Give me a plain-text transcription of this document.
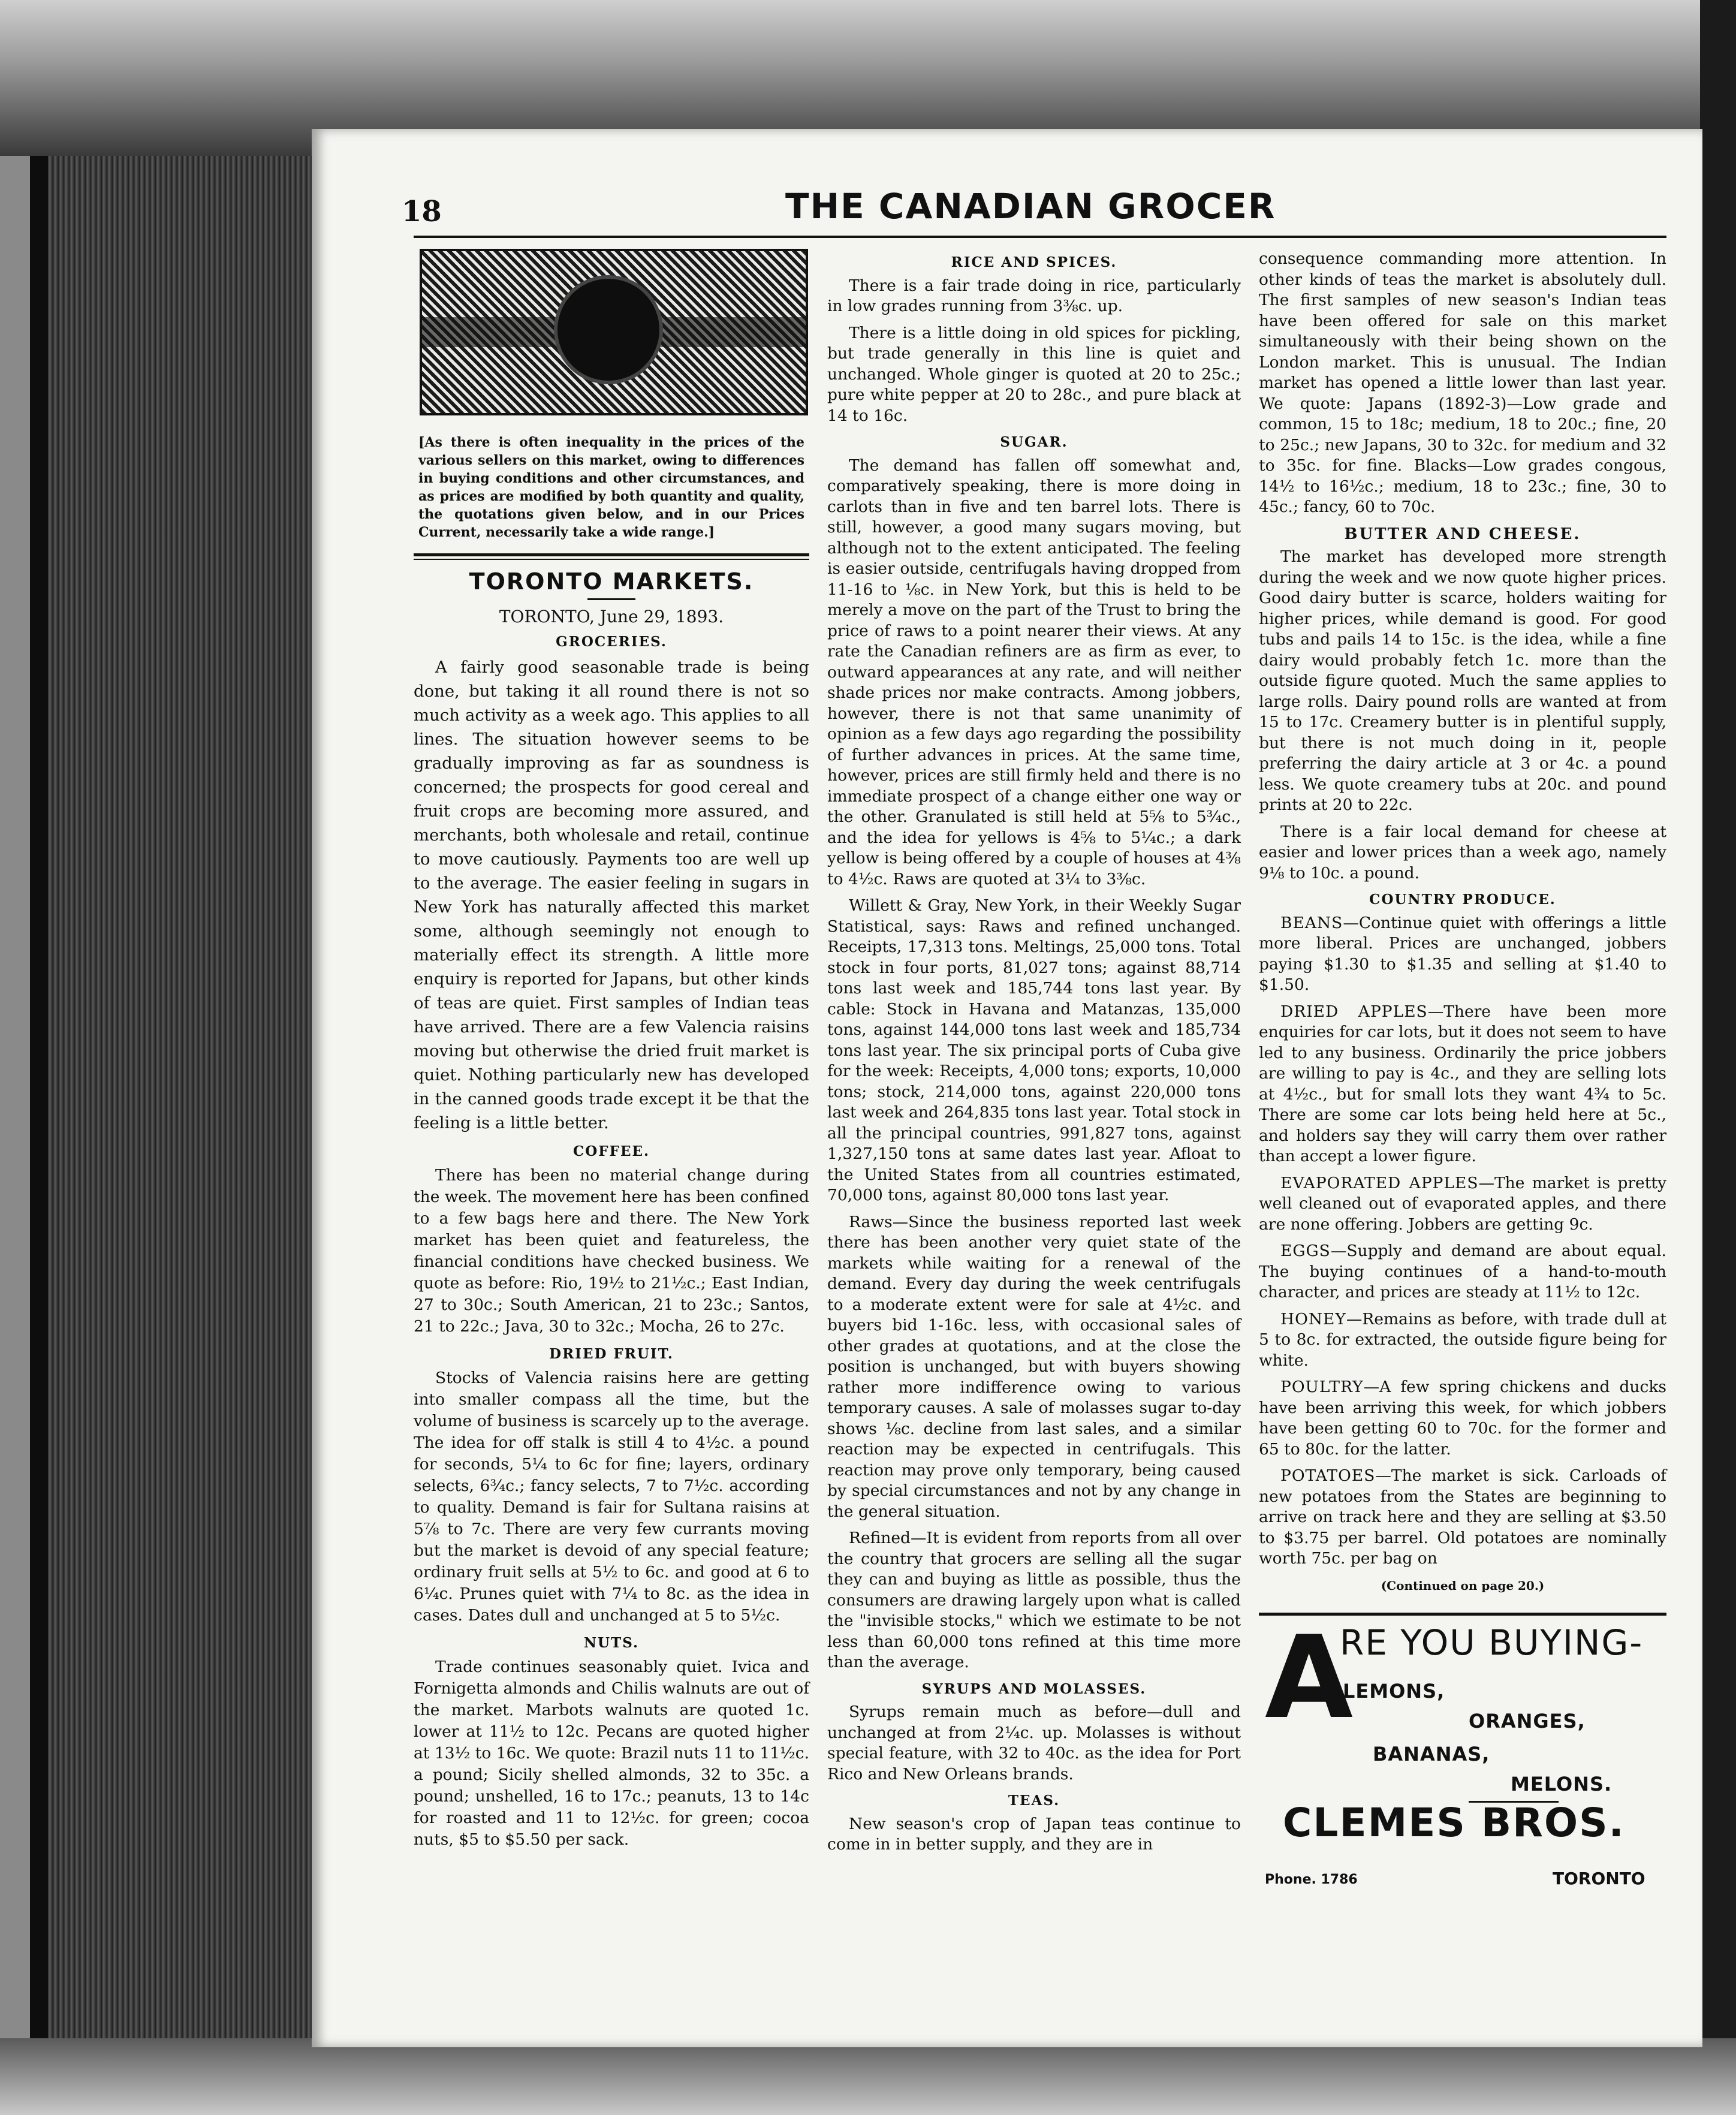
18	THE CANADIAN GROCER
[As there is often inequality in the prices of the various sellers on this market, owing to differences in buying conditions and other circumstances, and as prices are modified by both quantity and quality, the quotations given below, and in our Prices Current, necessarily take a wide range.]
TORONTO MARKETS.
TORONTO, June 29, 1893.
GROCERIES.

A fairly good seasonable trade is being done, but taking it all round there is not so much activity as a week ago. This applies to all lines. The situation however seems to be gradually improving as far as soundness is concerned; the prospects for good cereal and fruit crops are becoming more assured, and merchants, both wholesale and retail, continue to move cautiously. Payments too are well up to the average. The easier feeling in sugars in New York has naturally affected this market some, although seemingly not enough to materially effect its strength. A little more enquiry is reported for Japans, but other kinds of teas are quiet. First samples of Indian teas have arrived. There are a few Valencia raisins moving but otherwise the dried fruit market is quiet. Nothing particularly new has developed in the canned goods trade except it be that the feeling is a little better.

COFFEE.

There has been no material change during the week. The movement here has been confined to a few bags here and there. The New York market has been quiet and featureless, the financial conditions have checked business. We quote as before: Rio, 19½ to 21½c.; East Indian, 27 to 30c.; South American, 21 to 23c.; Santos, 21 to 22c.; Java, 30 to 32c.; Mocha, 26 to 27c.

DRIED FRUIT.

Stocks of Valencia raisins here are getting into smaller compass all the time, but the volume of business is scarcely up to the average. The idea for off stalk is still 4 to 4½c. a pound for seconds, 5¼ to 6c for fine; layers, ordinary selects, 6¾c.; fancy selects, 7 to 7½c. according to quality. Demand is fair for Sultana raisins at 5⅞ to 7c. There are very few currants moving but the market is devoid of any special feature; ordinary fruit sells at 5½ to 6c. and good at 6 to 6¼c. Prunes quiet with 7¼ to 8c. as the idea in cases. Dates dull and unchanged at 5 to 5½c.

NUTS.

Trade continues seasonably quiet. Ivica and Fornigetta almonds and Chilis walnuts are out of the market. Marbots walnuts are quoted 1c. lower at 11½ to 12c. Pecans are quoted higher at 13½ to 16c. We quote: Brazil nuts 11 to 11½c. a pound; Sicily shelled almonds, 32 to 35c. a pound; unshelled, 16 to 17c.; peanuts, 13 to 14c for roasted and 11 to 12½c. for green; cocoa nuts, $5 to $5.50 per sack.

RICE AND SPICES.

There is a fair trade doing in rice, particularly in low grades running from 3⅜c. up.

There is a little doing in old spices for pickling, but trade generally in this line is quiet and unchanged. Whole ginger is quoted at 20 to 25c.; pure white pepper at 20 to 28c., and pure black at 14 to 16c.

SUGAR.

The demand has fallen off somewhat and, comparatively speaking, there is more doing in carlots than in five and ten barrel lots. There is still, however, a good many sugars moving, but although not to the extent anticipated. The feeling is easier outside, centrifugals having dropped from 11-16 to ⅛c. in New York, but this is held to be merely a move on the part of the Trust to bring the price of raws to a point nearer their views. At any rate the Canadian refiners are as firm as ever, to outward appearances at any rate, and will neither shade prices nor make contracts. Among jobbers, however, there is not that same unanimity of opinion as a few days ago regarding the possibility of further advances in prices. At the same time, however, prices are still firmly held and there is no immediate prospect of a change either one way or the other. Granulated is still held at 5⅝ to 5¾c., and the idea for yellows is 4⅝ to 5¼c.; a dark yellow is being offered by a couple of houses at 4⅜ to 4½c. Raws are quoted at 3¼ to 3⅜c.

Willett & Gray, New York, in their Weekly Sugar Statistical, says: Raws and refined unchanged. Receipts, 17,313 tons. Meltings, 25,000 tons. Total stock in four ports, 81,027 tons; against 88,714 tons last week and 185,744 tons last year. By cable: Stock in Havana and Matanzas, 135,000 tons, against 144,000 tons last week and 185,734 tons last year. The six principal ports of Cuba give for the week: Receipts, 4,000 tons; exports, 10,000 tons; stock, 214,000 tons, against 220,000 tons last week and 264,835 tons last year. Total stock in all the principal countries, 991,827 tons, against 1,327,150 tons at same dates last year. Afloat to the United States from all countries estimated, 70,000 tons, against 80,000 tons last year.

Raws—Since the business reported last week there has been another very quiet state of the markets while waiting for a renewal of the demand. Every day during the week centrifugals to a moderate extent were for sale at 4½c. and buyers bid 1-16c. less, with occasional sales of other grades at quotations, and at the close the position is unchanged, but with buyers showing rather more indifference owing to various temporary causes. A sale of molasses sugar to-day shows ⅛c. decline from last sales, and a similar reaction may be expected in centrifugals. This reaction may prove only temporary, being caused by special circumstances and not by any change in the general situation.

Refined—It is evident from reports from all over the country that grocers are selling all the sugar they can and buying as little as possible, thus the consumers are drawing largely upon what is called the "invisible stocks," which we estimate to be not less than 60,000 tons refined at this time more than the average.

SYRUPS AND MOLASSES.

Syrups remain much as before—dull and unchanged at from 2¼c. up. Molasses is without special feature, with 32 to 40c. as the idea for Port Rico and New Orleans brands.

TEAS.

New season's crop of Japan teas continue to come in in better supply, and they are in

consequence commanding more attention. In other kinds of teas the market is absolutely dull. The first samples of new season's Indian teas have been offered for sale on this market simultaneously with their being shown on the London market. This is unusual. The Indian market has opened a little lower than last year. We quote: Japans (1892-3)—Low grade and common, 15 to 18c; medium, 18 to 20c.; fine, 20 to 25c.; new Japans, 30 to 32c. for medium and 32 to 35c. for fine. Blacks—Low grades congous, 14½ to 16½c.; medium, 18 to 23c.; fine, 30 to 45c.; fancy, 60 to 70c.

BUTTER AND CHEESE.

The market has developed more strength during the week and we now quote higher prices. Good dairy butter is scarce, holders waiting for higher prices, while demand is good. For good tubs and pails 14 to 15c. is the idea, while a fine dairy would probably fetch 1c. more than the outside figure quoted. Much the same applies to large rolls. Dairy pound rolls are wanted at from 15 to 17c. Creamery butter is in plentiful supply, but there is not much doing in it, people preferring the dairy article at 3 or 4c. a pound less. We quote creamery tubs at 20c. and pound prints at 20 to 22c.

There is a fair local demand for cheese at easier and lower prices than a week ago, namely 9⅛ to 10c. a pound.

COUNTRY PRODUCE.

BEANS—Continue quiet with offerings a little more liberal. Prices are unchanged, jobbers paying $1.30 to $1.35 and selling at $1.40 to $1.50.

DRIED APPLES—There have been more enquiries for car lots, but it does not seem to have led to any business. Ordinarily the price jobbers are willing to pay is 4c., and they are selling lots at 4½c., but for small lots they want 4¾ to 5c. There are some car lots being held here at 5c., and holders say they will carry them over rather than accept a lower figure.

EVAPORATED APPLES—The market is pretty well cleaned out of evaporated apples, and there are none offering. Jobbers are getting 9c.

EGGS—Supply and demand are about equal. The buying continues of a hand-to-mouth character, and prices are steady at 11½ to 12c.

HONEY—Remains as before, with trade dull at 5 to 8c. for extracted, the outside figure being for white.

POULTRY—A few spring chickens and ducks have been arriving this week, for which jobbers have been getting 60 to 70c. for the former and 65 to 80c. for the latter.

POTATOES—The market is sick. Carloads of new potatoes from the States are beginning to arrive on track here and they are selling at $3.50 to $3.75 per barrel. Old potatoes are nominally worth 75c. per bag on

(Continued on page 20.)
A
RE YOU BUYING-
LEMONS,
ORANGES,
BANANAS,
MELONS.
CLEMES BROS.
Phone. 1786	TORONTO
